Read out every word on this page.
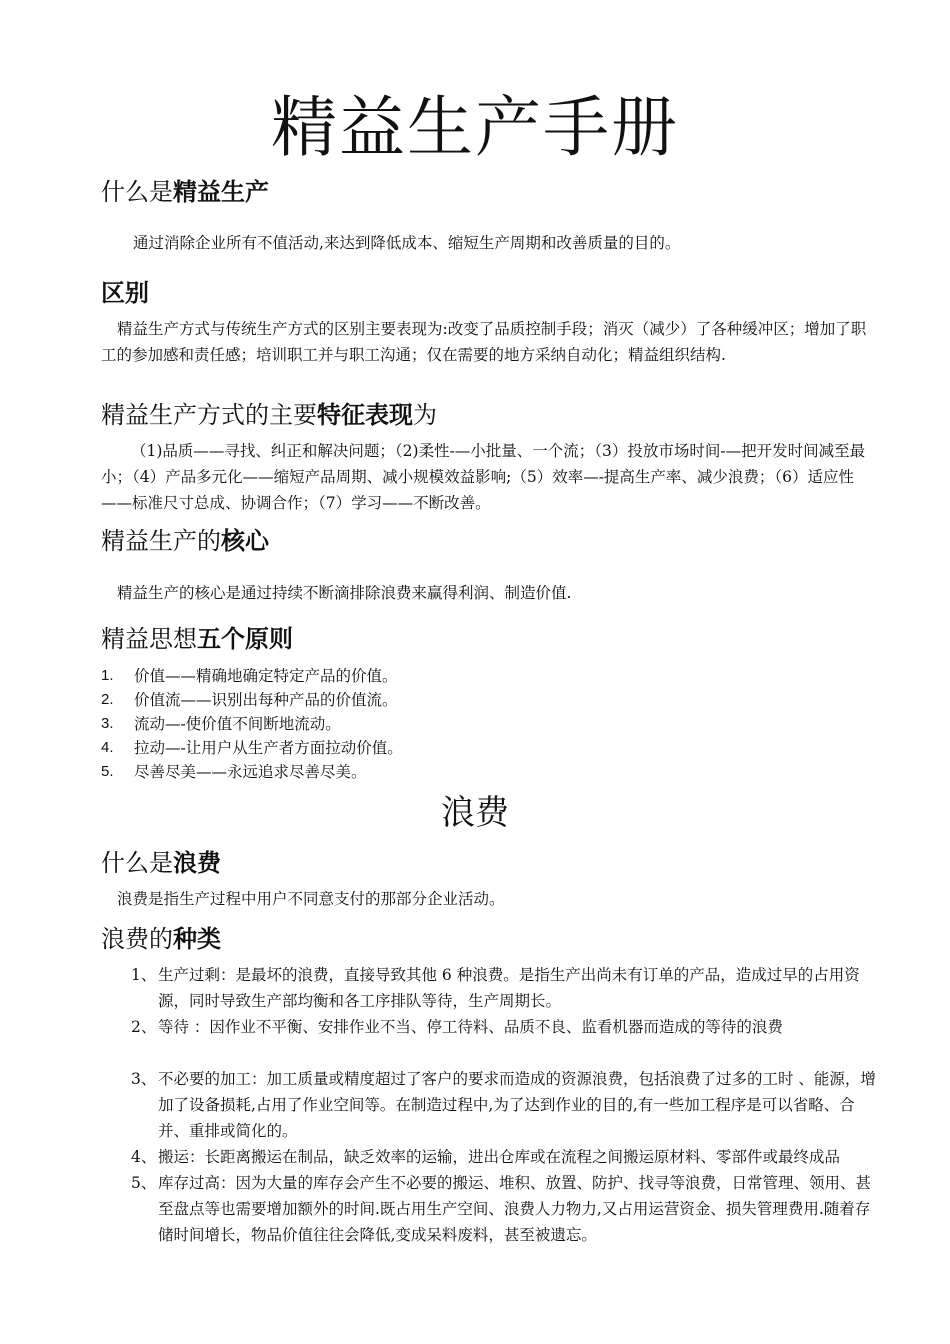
精益生产手册
什么是精益生产

通过消除企业所有不值活动,来达到降低成本、缩短生产周期和改善质量的目的。

区别

精益生产方式与传统生产方式的区别主要表现为:改变了品质控制手段；消灭（减少）了各种缓冲区；增加了职工的参加感和责任感；培训职工并与职工沟通；仅在需要的地方采纳自动化；精益组织结构.

精益生产方式的主要特征表现为

（1)品质——寻找、纠正和解决问题；（2)柔性-—小批量、一个流；（3）投放市场时间-—把开发时间减至最小；（4）产品多元化——缩短产品周期、减小规模效益影响;（5）效率—-提高生产率、减少浪费；（6）适应性——标准尺寸总成、协调合作；（7）学习——不断改善。

精益生产的核心

精益生产的核心是通过持续不断滴排除浪费来赢得利润、制造价值.

精益思想五个原则
1. 价值——精确地确定特定产品的价值。
2. 价值流——识别出每种产品的价值流。
3. 流动—-使价值不间断地流动。
4. 拉动—-让用户从生产者方面拉动价值。
5. 尽善尽美——永远追求尽善尽美。
浪费
什么是浪费

浪费是指生产过程中用户不同意支付的那部分企业活动。

浪费的种类
1、 生产过剩：是最坏的浪费，直接导致其他 6 种浪费。是指生产出尚未有订单的产品，造成过早的占用资源，同时导致生产部均衡和各工序排队等待，生产周期长。
2、 等待 ：因作业不平衡、安排作业不当、停工待料、品质不良、监看机器而造成的等待的浪费
3、 不必要的加工：加工质量或精度超过了客户的要求而造成的资源浪费，包括浪费了过多的工时 、能源，增加了设备损耗,占用了作业空间等。在制造过程中,为了达到作业的目的,有一些加工程序是可以省略、合并、重排或简化的。
4、 搬运：长距离搬运在制品，缺乏效率的运输，进出仓库或在流程之间搬运原材料、零部件或最终成品
5、 库存过高：因为大量的库存会产生不必要的搬运、堆积、放置、防护、找寻等浪费，日常管理、领用、甚至盘点等也需要增加额外的时间.既占用生产空间、浪费人力物力,又占用运营资金、损失管理费用.随着存储时间增长，物品价值往往会降低,变成呆料废料，甚至被遗忘。
